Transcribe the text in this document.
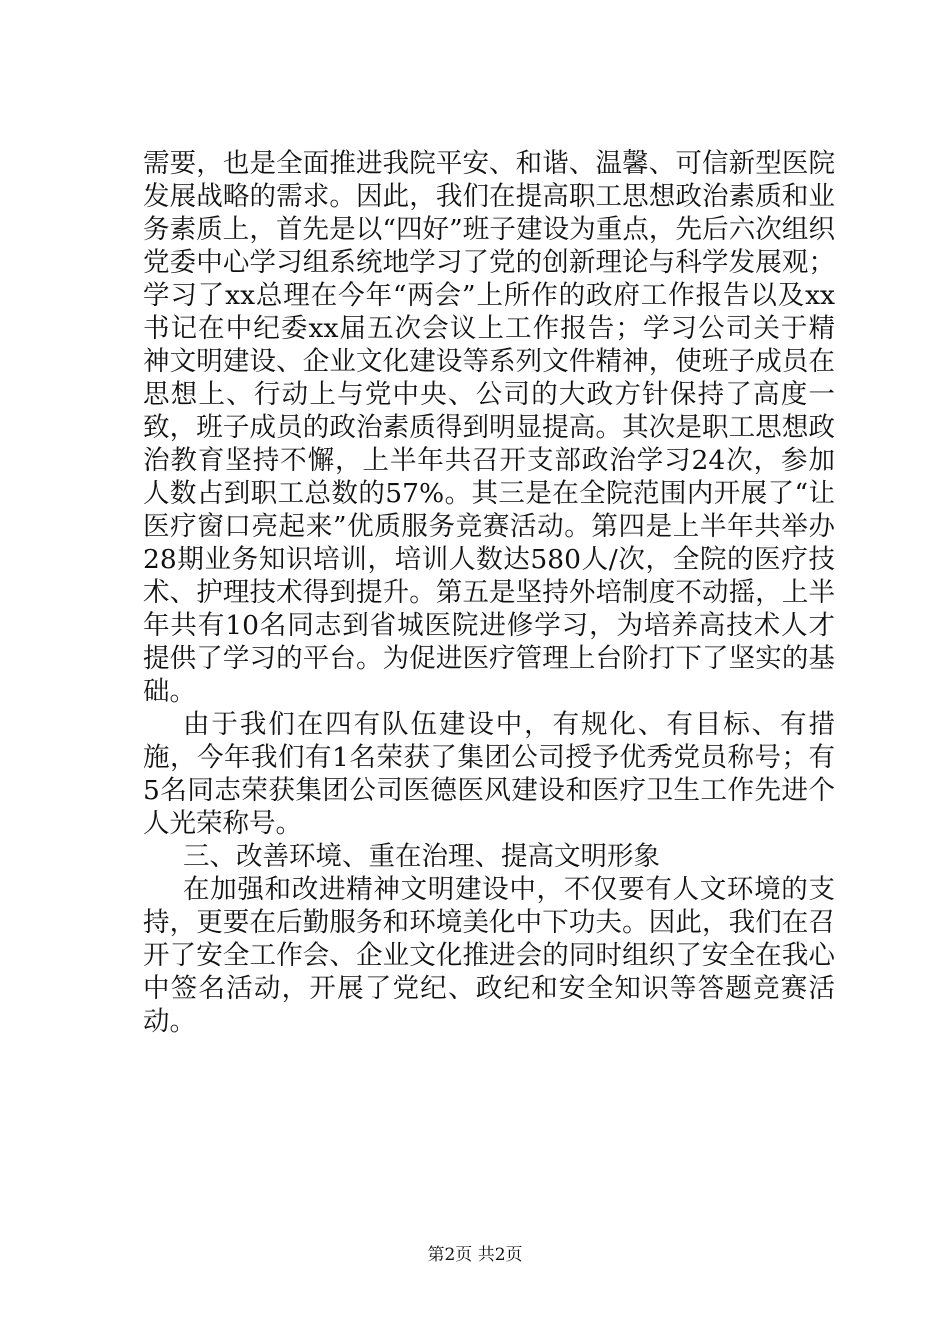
需要，也是全面推进我院平安、和谐、温馨、可信新型医院发展战略的需求。因此，我们在提高职工思想政治素质和业务素质上，首先是以“四好”班子建设为重点，先后六次组织党委中心学习组系统地学习了党的创新理论与科学发展观；学习了xx总理在今年“两会”上所作的政府工作报告以及xx书记在中纪委xx届五次会议上工作报告；学习公司关于精神文明建设、企业文化建设等系列文件精神，使班子成员在思想上、行动上与党中央、公司的大政方针保持了高度一致，班子成员的政治素质得到明显提高。其次是职工思想政治教育坚持不懈，上半年共召开支部政治学习24次，参加人数占到职工总数的57%。其三是在全院范围内开展了“让医疗窗口亮起来”优质服务竞赛活动。第四是上半年共举办28期业务知识培训，培训人数达580人/次，全院的医疗技术、护理技术得到提升。第五是坚持外培制度不动摇，上半年共有10名同志到省城医院进修学习，为培养高技术人才提供了学习的平台。为促进医疗管理上台阶打下了坚实的基础。

由于我们在四有队伍建设中，有规化、有目标、有措施，今年我们有1名荣获了集团公司授予优秀党员称号；有5名同志荣获集团公司医德医风建设和医疗卫生工作先进个人光荣称号。

三、改善环境、重在治理、提高文明形象

在加强和改进精神文明建设中，不仅要有人文环境的支持，更要在后勤服务和环境美化中下功夫。因此，我们在召开了安全工作会、企业文化推进会的同时组织了安全在我心中签名活动，开展了党纪、政纪和安全知识等答题竞赛活动。

第2页 共2页
